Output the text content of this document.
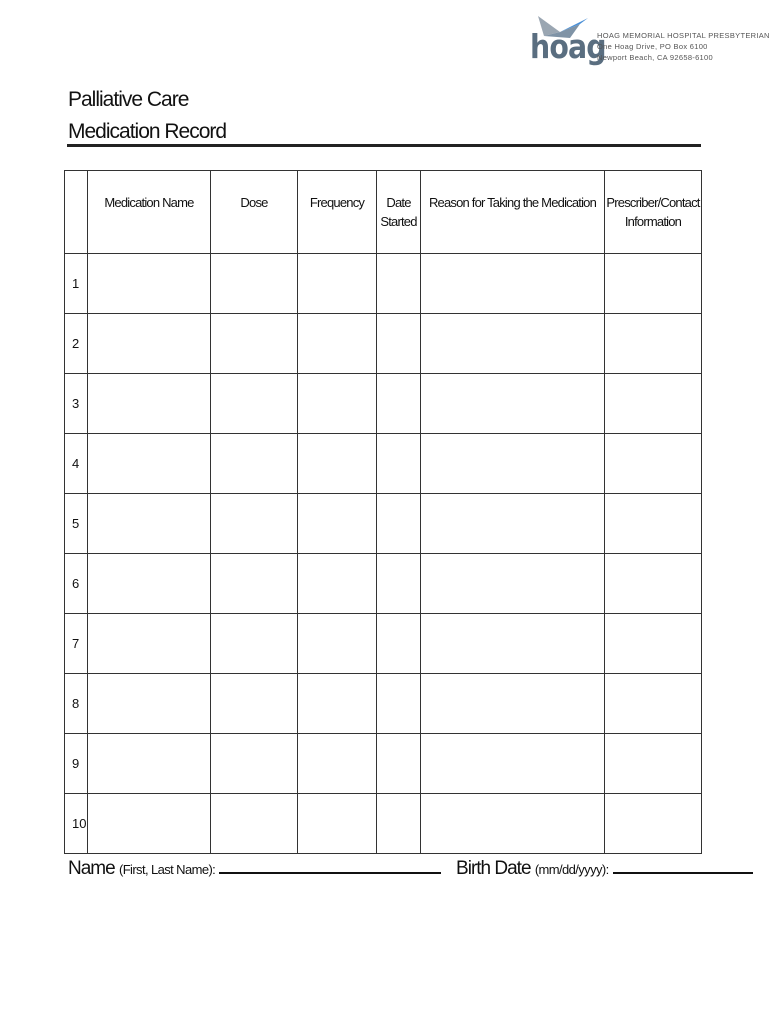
hoag
HOAG MEMORIAL HOSPITAL PRESBYTERIAN
One Hoag Drive, PO Box 6100
Newport Beach, CA 92658-6100
Palliative Care
Medication Record
	Medication Name	Dose	Frequency	Date Started	Reason for Taking the Medication	Prescriber/Contact Information
1						
2						
3						
4						
5						
6						
7						
8						
9						
10						
Name (First, Last Name):	Birth Date (mm/dd/yyyy):
